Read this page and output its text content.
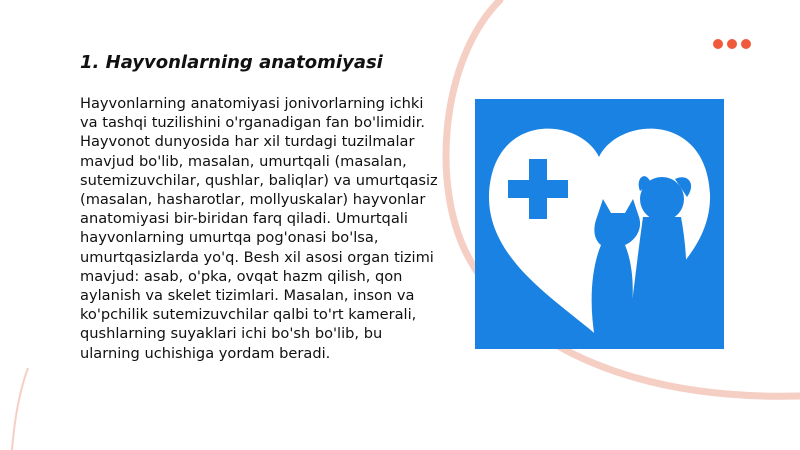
1. Hayvonlarning anatomiyasi

Hayvonlarning anatomiyasi jonivorlarning ichki va tashqi tuzilishini o'rganadigan fan bo'limidir. Hayvonot dunyosida har xil turdagi tuzilmalar mavjud bo'lib, masalan, umurtqali (masalan, sutemizuvchilar, qushlar, baliqlar) va umurtqasiz (masalan, hasharotlar, mollyuskalar) hayvonlar anatomiyasi bir-biridan farq qiladi. Umurtqali hayvonlarning umurtqa pog'onasi bo'lsa, umurtqasizlarda yo'q. Besh xil asosi organ tizimi mavjud: asab, o'pka, ovqat hazm qilish, qon aylanish va skelet tizimlari. Masalan, inson va ko'pchilik sutemizuvchilar qalbi to'rt kamerali, qushlarning suyaklari ichi bo'sh bo'lib, bu ularning uchishiga yordam beradi.
